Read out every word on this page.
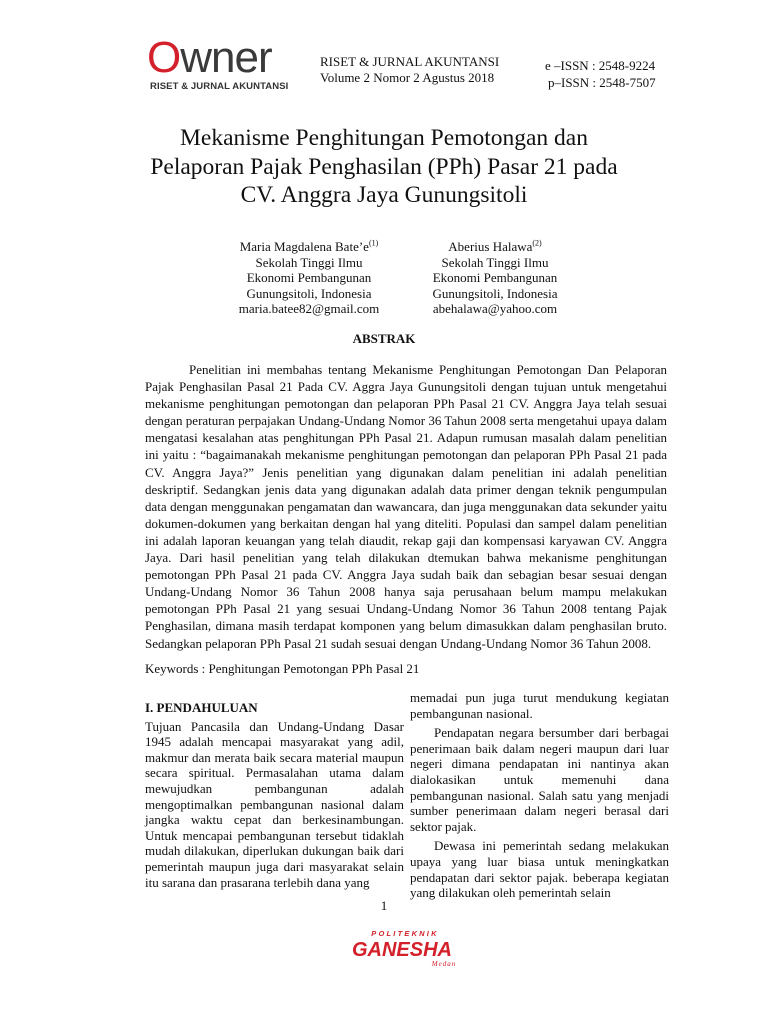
Owner
RISET & JURNAL AKUNTANSI
RISET & JURNAL AKUNTANSI
Volume 2 Nomor 2 Agustus 2018
e –ISSN : 2548-9224
p–ISSN : 2548-7507
Mekanisme Penghitungan Pemotongan dan
Pelaporan Pajak Penghasilan (PPh) Pasar 21 pada
CV. Anggra Jaya Gunungsitoli
Maria Magdalena $Bate’e^{(1)}$
Sekolah Tinggi Ilmu
Ekonomi Pembangunan
Gunungsitoli, Indonesia
maria.batee82@gmail.com
Aberius Halawa$^{(2)}$
Sekolah Tinggi Ilmu
Ekonomi Pembangunan
Gunungsitoli, Indonesia
abehalawa@yahoo.com
ABSTRAK
Penelitian ini membahas tentang Mekanisme Penghitungan Pemotongan Dan Pelaporan Pajak Penghasilan Pasal 21 Pada CV. Aggra Jaya Gunungsitoli dengan tujuan untuk mengetahui mekanisme penghitungan pemotongan dan pelaporan PPh Pasal 21 CV. Anggra Jaya telah sesuai dengan peraturan perpajakan Undang-Undang Nomor 36 Tahun 2008 serta mengetahui upaya dalam mengatasi kesalahan atas penghitungan PPh Pasal 21. Adapun rumusan masalah dalam penelitian ini yaitu : “bagaimanakah mekanisme penghitungan pemotongan dan pelaporan PPh Pasal 21 pada CV. Anggra Jaya?” Jenis penelitian yang digunakan dalam penelitian ini adalah penelitian deskriptif. Sedangkan jenis data yang digunakan adalah data primer dengan teknik pengumpulan data dengan menggunakan pengamatan dan wawancara, dan juga menggunakan data sekunder yaitu dokumen-dokumen yang berkaitan dengan hal yang diteliti. Populasi dan sampel dalam penelitian ini adalah laporan keuangan yang telah diaudit, rekap gaji dan kompensasi karyawan CV. Anggra Jaya. Dari hasil penelitian yang telah dilakukan dtemukan bahwa mekanisme penghitungan pemotongan PPh Pasal 21 pada CV. Anggra Jaya sudah baik dan sebagian besar sesuai dengan Undang-Undang Nomor 36 Tahun 2008 hanya saja perusahaan belum mampu melakukan pemotongan PPh Pasal 21 yang sesuai Undang-Undang Nomor 36 Tahun 2008 tentang Pajak Penghasilan, dimana masih terdapat komponen yang belum dimasukkan dalam penghasilan bruto. Sedangkan pelaporan PPh Pasal 21 sudah sesuai dengan Undang-Undang Nomor 36 Tahun 2008.
Keywords : Penghitungan Pemotongan PPh Pasal 21
I. PENDAHULUAN

Tujuan Pancasila dan Undang-Undang Dasar 1945 adalah mencapai masyarakat yang adil, makmur dan merata baik secara material maupun secara spiritual. Permasalahan utama dalam mewujudkan pembangunan adalah mengoptimalkan pembangunan nasional dalam jangka waktu cepat dan berkesinambungan. Untuk mencapai pembangunan tersebut tidaklah mudah dilakukan, diperlukan dukungan baik dari pemerintah maupun juga dari masyarakat selain itu sarana dan prasarana terlebih dana yang

memadai pun juga turut mendukung kegiatan pembangunan nasional.

Pendapatan negara bersumber dari berbagai penerimaan baik dalam negeri maupun dari luar negeri dimana pendapatan ini nantinya akan dialokasikan untuk memenuhi dana pembangunan nasional. Salah satu yang menjadi sumber penerimaan dalam negeri berasal dari sektor pajak.

Dewasa ini pemerintah sedang melakukan upaya yang luar biasa untuk meningkatkan pendapatan dari sektor pajak. beberapa kegiatan yang dilakukan oleh pemerintah selain

1
POLITEKNIK
GANESHA
Medan
